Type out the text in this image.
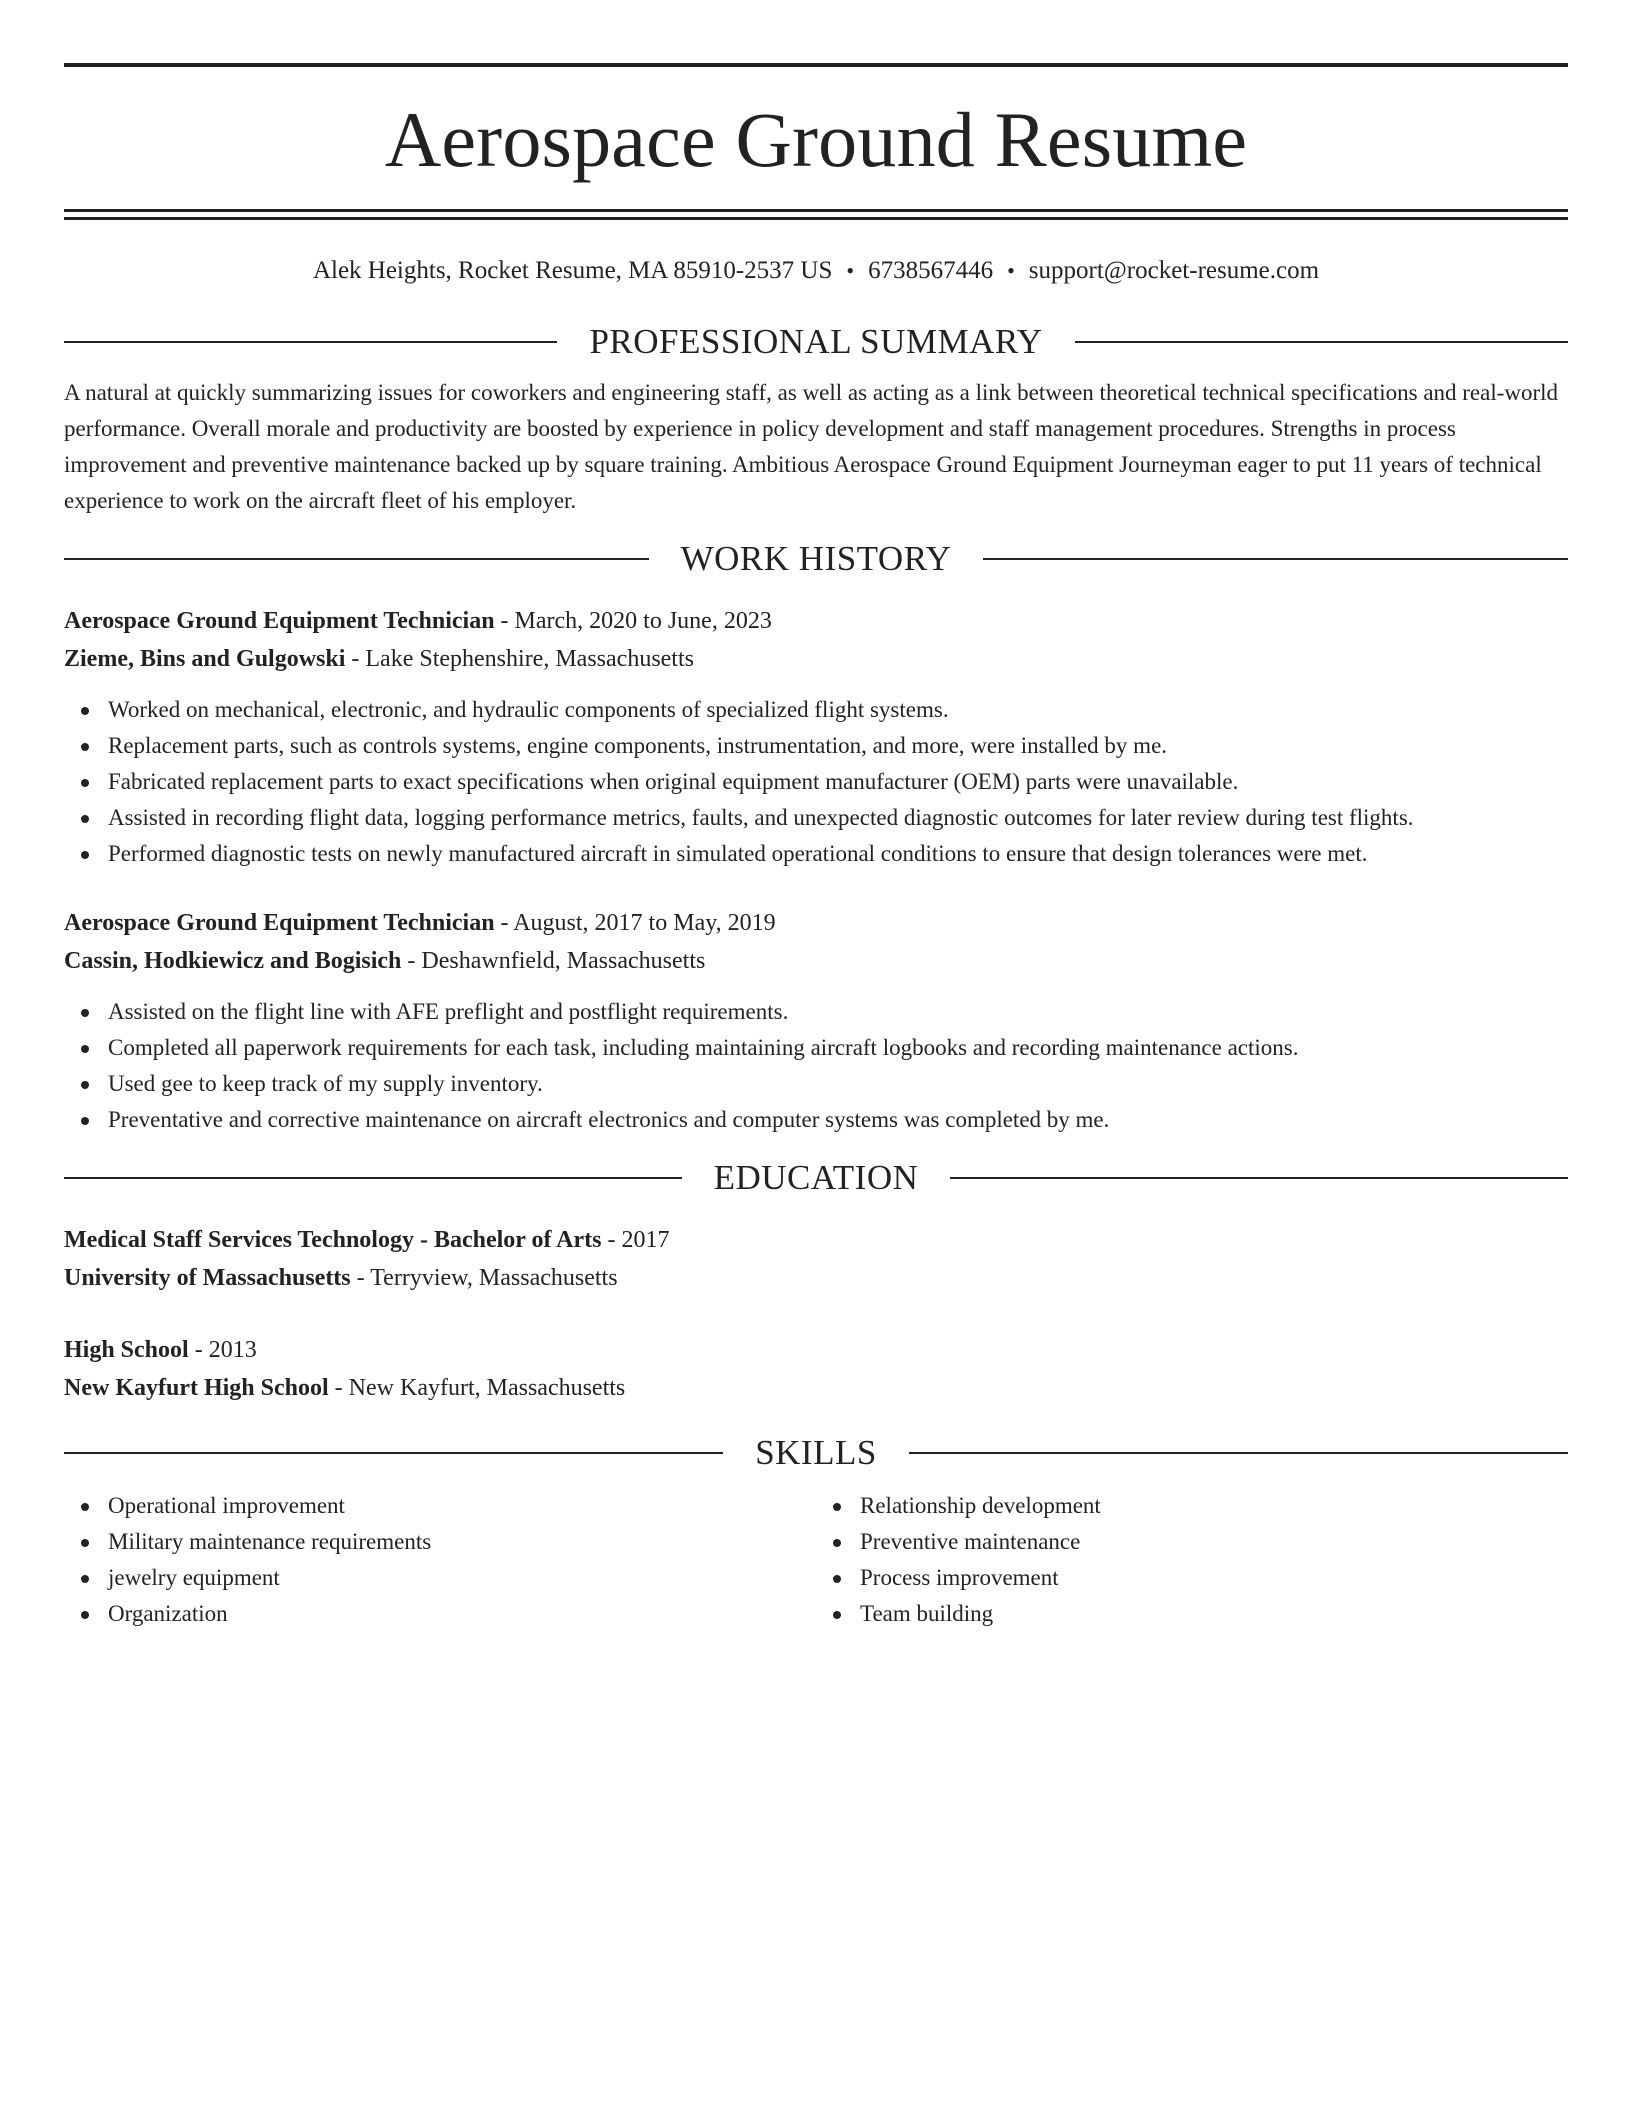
Aerospace Ground Resume
Alek Heights, Rocket Resume, MA 85910-2537 US • 6738567446 • support@rocket-resume.com
PROFESSIONAL SUMMARY

A natural at quickly summarizing issues for coworkers and engineering staff, as well as acting as a link between theoretical technical specifications and real-world performance. Overall morale and productivity are boosted by experience in policy development and staff management procedures. Strengths in process improvement and preventive maintenance backed up by square training. Ambitious Aerospace Ground Equipment Journeyman eager to put 11 years of technical experience to work on the aircraft fleet of his employer.

WORK HISTORY
Aerospace Ground Equipment Technician - March, 2020 to June, 2023
Zieme, Bins and Gulgowski - Lake Stephenshire, Massachusetts
Worked on mechanical, electronic, and hydraulic components of specialized flight systems.
Replacement parts, such as controls systems, engine components, instrumentation, and more, were installed by me.
Fabricated replacement parts to exact specifications when original equipment manufacturer (OEM) parts were unavailable.
Assisted in recording flight data, logging performance metrics, faults, and unexpected diagnostic outcomes for later review during test flights.
Performed diagnostic tests on newly manufactured aircraft in simulated operational conditions to ensure that design tolerances were met.
Aerospace Ground Equipment Technician - August, 2017 to May, 2019
Cassin, Hodkiewicz and Bogisich - Deshawnfield, Massachusetts
Assisted on the flight line with AFE preflight and postflight requirements.
Completed all paperwork requirements for each task, including maintaining aircraft logbooks and recording maintenance actions.
Used gee to keep track of my supply inventory.
Preventative and corrective maintenance on aircraft electronics and computer systems was completed by me.
EDUCATION
Medical Staff Services Technology - Bachelor of Arts - 2017
University of Massachusetts - Terryview, Massachusetts
High School - 2013
New Kayfurt High School - New Kayfurt, Massachusetts
SKILLS
Operational improvement
Military maintenance requirements
jewelry equipment
Organization
Relationship development
Preventive maintenance
Process improvement
Team building
